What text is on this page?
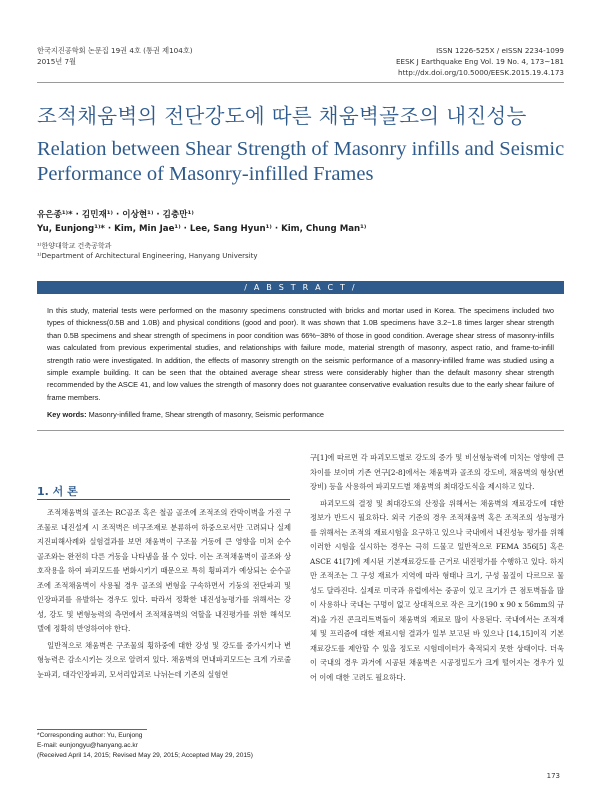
한국지진공학회 논문집 19권 4호 (통권 제104호)
2015년 7월
ISSN 1226-525X / eISSN 2234-1099
EESK J Earthquake Eng Vol. 19 No. 4, 173~181
http://dx.doi.org/10.5000/EESK.2015.19.4.173
조적채움벽의 전단강도에 따른 채움벽골조의 내진성능
Relation between Shear Strength of Masonry infills and Seismic Performance of Masonry-infilled Frames
유은종¹⁾* · 김민재¹⁾ · 이상현¹⁾ · 김충만¹⁾
Yu, Eunjong¹⁾* · Kim, Min Jae¹⁾ · Lee, Sang Hyun¹⁾ · Kim, Chung Man¹⁾
¹⁾한양대학교 건축공학과
¹⁾Department of Architectural Engineering, Hanyang University
/ A B S T R A C T /
In this study, material tests were performed on the masonry specimens constructed with bricks and mortar used in Korea. The specimens included two types of thickness(0.5B and 1.0B) and physical conditions (good and poor). It was shown that 1.0B specimens have 3.2~1.8 times larger shear strength than 0.5B specimens and shear strength of specimens in poor condition was 66%~38% of those in good condition. Average shear stress of masonry-infills was calculated from previous experimental studies, and relationships with failure mode, material strength of masonry, aspect ratio, and frame-to-infill strength ratio were investigated. In addition, the effects of masonry strength on the seismic performance of a masonry-infilled frame was studied using a simple example building. It can be seen that the obtained average shear stress were considerably higher than the default masonry shear strength recommended by the ASCE 41, and low values the strength of masonry does not guarantee conservative evaluation results due to the early shear failure of frame members.
Key words: Masonry-infilled frame, Shear strength of masonry, Seismic performance
1. 서 론

조적채움벽의 골조는 RC골조 혹은 철골 골조에 조적조의 칸막이벽을 가진 구조물로 내진설계 시 조적벽은 비구조재로 분류하여 하중으로서만 고려되나 실제 지진피해사례와 실험결과를 보면 채움벽이 구조물 거동에 큰 영향을 미쳐 순수 골조와는 완전히 다른 거동을 나타냄을 볼 수 있다. 이는 조적채움벽이 골조와 상호작용을 하여 파괴모드를 변화시키기 때문으로 특히 횡파괴가 예상되는 순수골조에 조적채움벽이 사용될 경우 골조의 변형을 구속하면서 기둥의 전단파괴 및 인장파괴를 유발하는 경우도 있다. 따라서 정확한 내진성능평가를 위해서는 강성, 강도 및 변형능력의 측면에서 조적채움벽의 역할을 내진평가를 위한 해석모델에 정확히 반영하여야 한다.

일반적으로 채움벽은 구조물의 횡하중에 대한 강성 및 강도를 증가시키나 변형능력은 감소시키는 것으로 알려져 있다. 채움벽의 면내파괴모드는 크게 가로줄눈파괴, 대각인장파괴, 모서리압괴로 나뉘는데 기존의 실험연

구[1]에 따르면 각 파괴모드별로 강도의 증가 및 비선형능력에 미치는 영향에 큰 차이를 보이며 기존 연구[2-8]에서는 채움벽과 골조의 강도비, 채움벽의 형상(변장비) 등을 사용하여 파괴모드별 채움벽의 최대강도식을 제시하고 있다.

파괴모드의 결정 및 최대강도의 산정을 위해서는 채움벽의 재료강도에 대한 정보가 반드시 필요하다. 외국 기준의 경우 조적채움벽 혹은 조적조의 성능평가를 위해서는 조적의 재료시험을 요구하고 있으나 국내에서 내진성능 평가를 위해 이러한 시험을 실시하는 경우는 극히 드물고 일반적으로 FEMA 356[5] 혹은 ASCE 41[7]에 제시된 기본재료강도를 근거로 내진평가를 수행하고 있다. 하지만 조적조는 그 구성 재료가 지역에 따라 형태나 크기, 구성 물질이 다르므로 물성도 달라진다. 실제로 미국과 유럽에서는 중공이 있고 크기가 큰 점토벽돌을 많이 사용하나 국내는 구멍이 없고 상대적으로 작은 크기(190 x 90 x 56mm의 규격)을 가진 콘크리트벽돌이 채움벽의 재료로 많이 사용된다. 국내에서는 조적재체 및 프리즘에 대한 재료시험 결과가 일부 보고된 바 있으나 [14,15]이직 기본재료강도를 제안할 수 있을 정도로 시험데이터가 축적되지 못한 상태이다. 더욱이 국내의 경우 과거에 시공된 채움벽은 시공정밀도가 크게 떨어지는 경우가 있어 이에 대한 고려도 필요하다.

*Corresponding author: Yu, Eunjong
E-mail: eunjongyu@hanyang.ac.kr
(Received April 14, 2015; Revised May 29, 2015; Accepted May 29, 2015)
173
